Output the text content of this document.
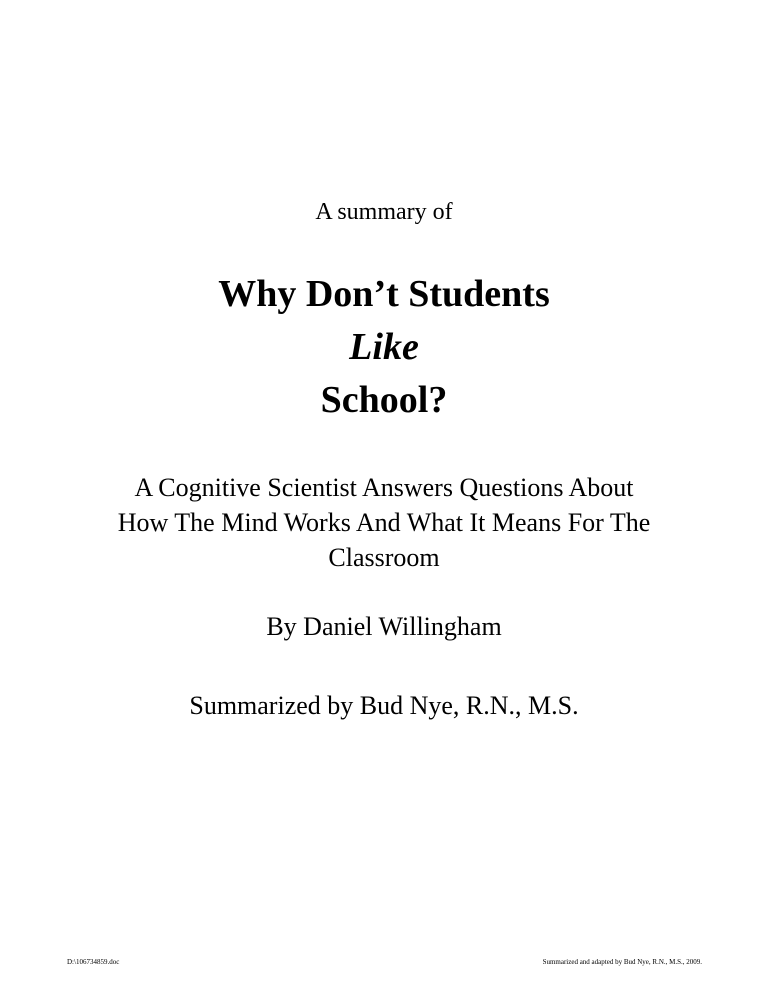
A summary of
Why Don’t Students
Like
School?
A Cognitive Scientist Answers Questions About
How The Mind Works And What It Means For The
Classroom
By Daniel Willingham
Summarized by Bud Nye, R.N., M.S.
D:\106734859.doc	Summarized and adapted by Bud Nye, R.N., M.S., 2009.
